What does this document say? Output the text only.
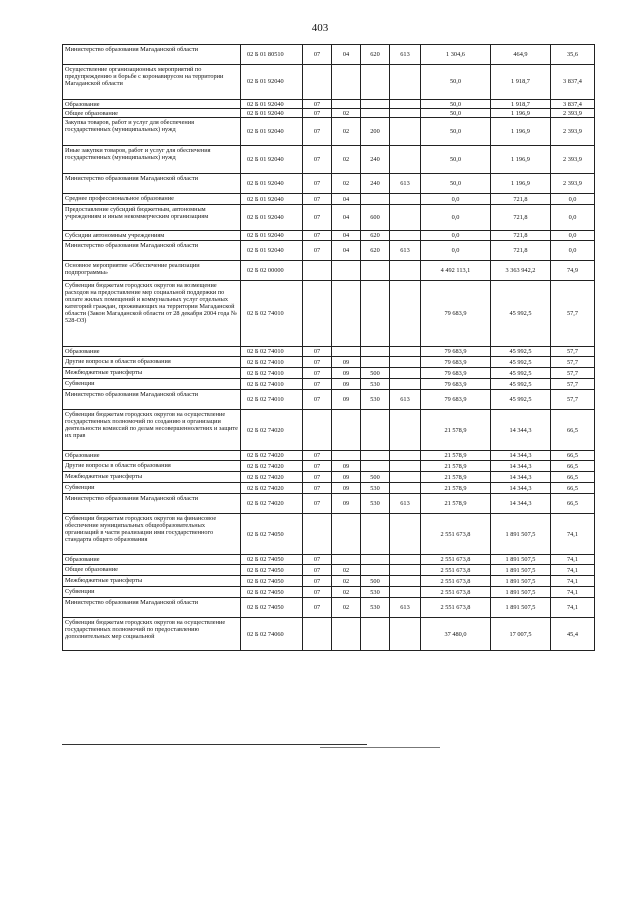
403
Министерство образования Магаданской области	02 Б 01 80510	07	04	620	613	1 304,6	464,9	35,6
Осуществление организационных мероприятий по предупреждению и борьбе с коронавирусом на территории Магаданской области	02 Б 01 92040					50,0	1 918,7	3 837,4
Образование	02 Б 01 92040	07				50,0	1 918,7	3 837,4
Общее образование	02 Б 01 92040	07	02			50,0	1 196,9	2 393,9
Закупка товаров, работ и услуг для обеспечения государственных (муниципальных) нужд	02 Б 01 92040	07	02	200		50,0	1 196,9	2 393,9
Иные закупки товаров, работ и услуг для обеспечения государственных (муниципальных) нужд	02 Б 01 92040	07	02	240		50,0	1 196,9	2 393,9
Министерство образования Магаданской области	02 Б 01 92040	07	02	240	613	50,0	1 196,9	2 393,9
Среднее профессиональное образование	02 Б 01 92040	07	04			0,0	721,8	0,0
Предоставление субсидий бюджетным, автономным учреждениям и иным некоммерческим организациям	02 Б 01 92040	07	04	600		0,0	721,8	0,0
Субсидии автономным учреждениям	02 Б 01 92040	07	04	620		0,0	721,8	0,0
Министерство образования Магаданской области	02 Б 01 92040	07	04	620	613	0,0	721,8	0,0
Основное мероприятие «Обеспечение реализации подпрограммы»	02 Б 02 00000					4 492 113,1	3 363 942,2	74,9
Субвенции бюджетам городских округов на возмещение расходов на предоставление мер социальной поддержки по оплате жилых помещений и коммунальных услуг отдельных категорий граждан, проживающих на территории Магаданской области (Закон Магаданской области от 28 декабря 2004 года № 528-ОЗ)	02 Б 02 74010					79 683,9	45 992,5	57,7
Образование	02 Б 02 74010	07				79 683,9	45 992,5	57,7
Другие вопросы в области образования	02 Б 02 74010	07	09			79 683,9	45 992,5	57,7
Межбюджетные трансферты	02 Б 02 74010	07	09	500		79 683,9	45 992,5	57,7
Субвенции	02 Б 02 74010	07	09	530		79 683,9	45 992,5	57,7
Министерство образования Магаданской области	02 Б 02 74010	07	09	530	613	79 683,9	45 992,5	57,7
Субвенции бюджетам городских округов на осуществление государственных полномочий по созданию и организации деятельности комиссий по делам несовершеннолетних и защите их прав	02 Б 02 74020					21 578,9	14 344,3	66,5
Образование	02 Б 02 74020	07				21 578,9	14 344,3	66,5
Другие вопросы в области образования	02 Б 02 74020	07	09			21 578,9	14 344,3	66,5
Межбюджетные трансферты	02 Б 02 74020	07	09	500		21 578,9	14 344,3	66,5
Субвенции	02 Б 02 74020	07	09	530		21 578,9	14 344,3	66,5
Министерство образования Магаданской области	02 Б 02 74020	07	09	530	613	21 578,9	14 344,3	66,5
Субвенции бюджетам городских округов на финансовое обеспечение муниципальных общеобразовательных организаций в части реализации ими государственного стандарта общего образования	02 Б 02 74050					2 551 673,8	1 891 507,5	74,1
Образование	02 Б 02 74050	07				2 551 673,8	1 891 507,5	74,1
Общее образование	02 Б 02 74050	07	02			2 551 673,8	1 891 507,5	74,1
Межбюджетные трансферты	02 Б 02 74050	07	02	500		2 551 673,8	1 891 507,5	74,1
Субвенции	02 Б 02 74050	07	02	530		2 551 673,8	1 891 507,5	74,1
Министерство образования Магаданской области	02 Б 02 74050	07	02	530	613	2 551 673,8	1 891 507,5	74,1
Субвенции бюджетам городских округов на осуществление государственных полномочий по предоставлению дополнительных мер социальной	02 Б 02 74060					37 480,0	17 007,5	45,4
